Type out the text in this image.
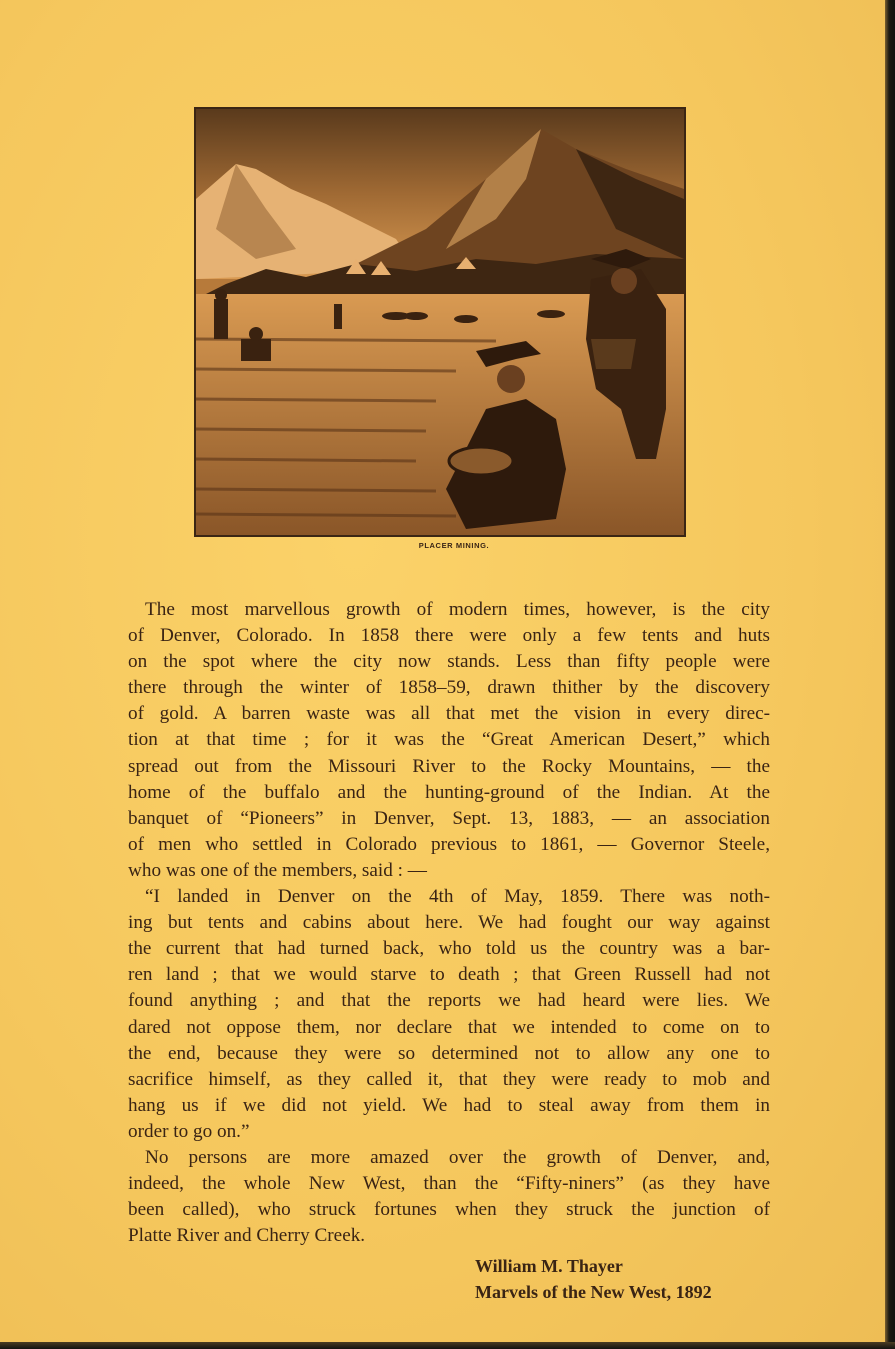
PLACER MINING.
The most marvellous growth of modern times, however, is the city
of Denver, Colorado. In 1858 there were only a few tents and huts
on the spot where the city now stands. Less than fifty people were
there through the winter of 1858–59, drawn thither by the discovery
of gold. A barren waste was all that met the vision in every direc-
tion at that time ; for it was the “Great American Desert,” which
spread out from the Missouri River to the Rocky Mountains, — the
home of the buffalo and the hunting-ground of the Indian. At the
banquet of “Pioneers” in Denver, Sept. 13, 1883, — an association
of men who settled in Colorado previous to 1861, — Governor Steele,
who was one of the members, said : —
“I landed in Denver on the 4th of May, 1859. There was noth-
ing but tents and cabins about here. We had fought our way against
the current that had turned back, who told us the country was a bar-
ren land ; that we would starve to death ; that Green Russell had not
found anything ; and that the reports we had heard were lies. We
dared not oppose them, nor declare that we intended to come on to
the end, because they were so determined not to allow any one to
sacrifice himself, as they called it, that they were ready to mob and
hang us if we did not yield. We had to steal away from them in
order to go on.”
No persons are more amazed over the growth of Denver, and,
indeed, the whole New West, than the “Fifty-niners” (as they have
been called), who struck fortunes when they struck the junction of
Platte River and Cherry Creek.
William M. Thayer
Marvels of the New West, 1892
